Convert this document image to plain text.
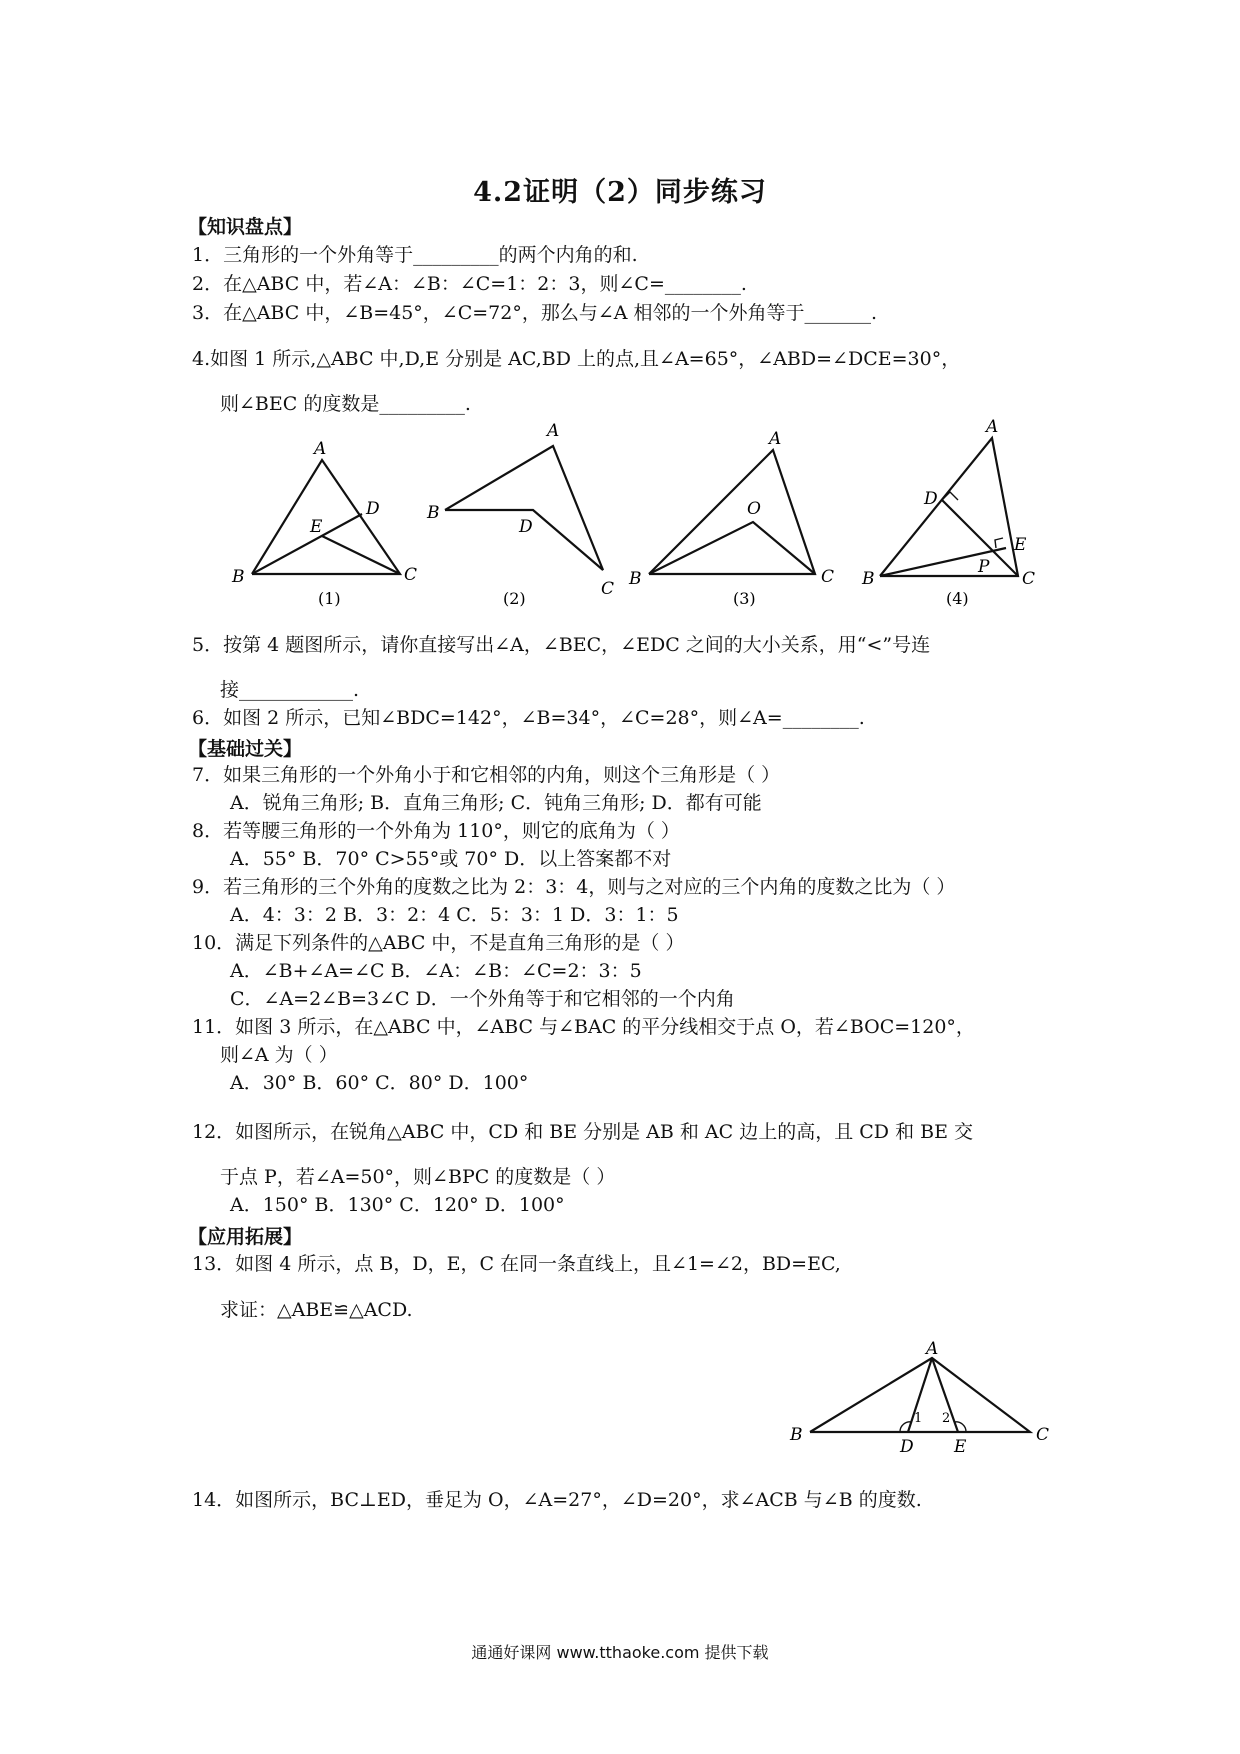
4.2证明（2）同步练习
【知识盘点】
1．三角形的一个外角等于_________的两个内角的和.
2．在△ABC 中，若∠A：∠B：∠C=1：2：3，则∠C=________.
3．在△ABC 中，∠B=45°，∠C=72°，那么与∠A 相邻的一个外角等于_______.
4.如图 1 所示,△ABC 中,D,E 分别是 AC,BD 上的点,且∠A=65°，∠ABD=∠DCE=30°，
则∠BEC 的度数是_________.
A
B	C
D
E
(1)
A
B
C
D
(2)
A
B	C
O
(3)
A
B	C
D
E
P
(4)
5．按第 4 题图所示，请你直接写出∠A，∠BEC，∠EDC 之间的大小关系，用“<”号连
接____________.
6．如图 2 所示，已知∠BDC=142°，∠B=34°，∠C=28°，则∠A=________.
【基础过关】
7．如果三角形的一个外角小于和它相邻的内角，则这个三角形是（ ）
A．锐角三角形; B．直角三角形; C．钝角三角形; D．都有可能
8．若等腰三角形的一个外角为 110°，则它的底角为（ ）
A．55° B．70° C>55°或 70° D．以上答案都不对
9．若三角形的三个外角的度数之比为 2：3：4，则与之对应的三个内角的度数之比为（ ）
A．4：3：2 B．3：2：4 C．5：3：1 D．3：1：5
10．满足下列条件的△ABC 中，不是直角三角形的是（ ）
A．∠B+∠A=∠C B．∠A：∠B：∠C=2：3：5
C．∠A=2∠B=3∠C D．一个外角等于和它相邻的一个内角
11．如图 3 所示，在△ABC 中，∠ABC 与∠BAC 的平分线相交于点 O，若∠BOC=120°，
则∠A 为（ ）
A．30° B．60° C．80° D．100°
12．如图所示，在锐角△ABC 中，CD 和 BE 分别是 AB 和 AC 边上的高，且 CD 和 BE 交
于点 P，若∠A=50°，则∠BPC 的度数是（ ）
A．150° B．130° C．120° D．100°
【应用拓展】
13．如图 4 所示，点 B，D，E，C 在同一条直线上，且∠1=∠2，BD=EC,
求证：△ABE≌△ACD.
A
B	C
D E
1 2
14．如图所示，BC⊥ED，垂足为 O，∠A=27°，∠D=20°，求∠ACB 与∠B 的度数.
通通好课网 www.tthaoke.com 提供下载
